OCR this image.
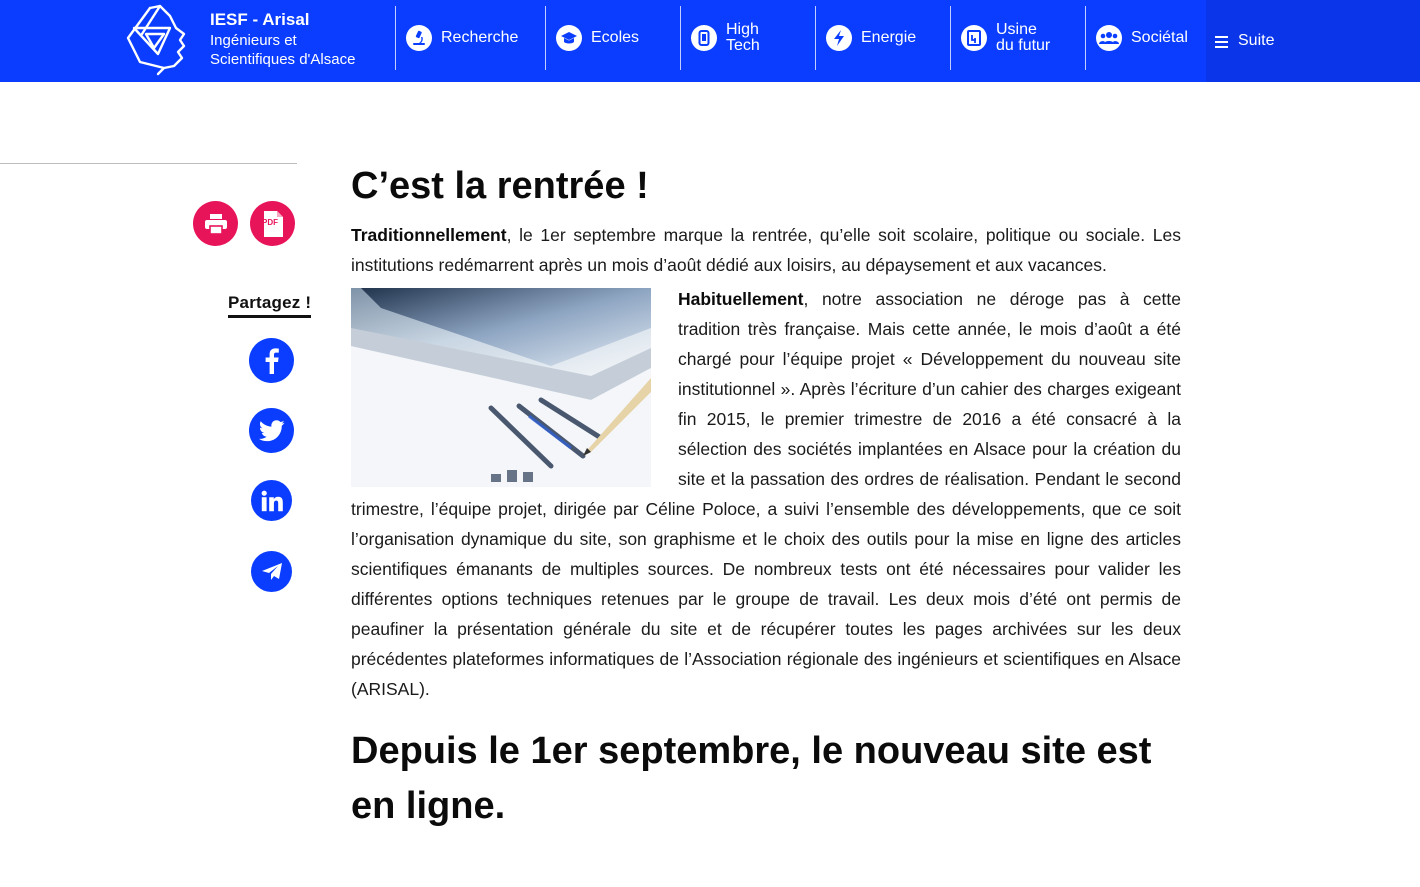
IESF - Arisal
Ingénieurs et
Scientifiques d'Alsace
Recherche	Ecoles	High
Tech	Energie	Usine
du futur	Sociétal	Suite
PDF
Partagez !
C’est la rentrée !

Traditionnellement, le 1er septembre marque la rentrée, qu’elle soit scolaire, politique ou sociale. Les institutions redémarrent après un mois d’août dédié aux loisirs, au dépaysement et aux vacances.

Habituellement, notre association ne déroge pas à cette tradition très française. Mais cette année, le mois d’août a été chargé pour l’équipe projet « Développement du nouveau site institutionnel ». Après l’écriture d’un cahier des charges exigeant fin 2015, le premier trimestre de 2016 a été consacré à la sélection des sociétés implantées en Alsace pour la création du site et la passation des ordres de réalisation. Pendant le second trimestre, l’équipe projet, dirigée par Céline Poloce, a suivi l’ensemble des développements, que ce soit l’organisation dynamique du site, son graphisme et le choix des outils pour la mise en ligne des articles scientifiques émanants de multiples sources. De nombreux tests ont été nécessaires pour valider les différentes options techniques retenues par le groupe de travail. Les deux mois d’été ont permis de peaufiner la présentation générale du site et de récupérer toutes les pages archivées sur les deux précédentes plateformes informatiques de l’Association régionale des ingénieurs et scientifiques en Alsace (ARISAL).

Depuis le 1er septembre, le nouveau site est en ligne.
